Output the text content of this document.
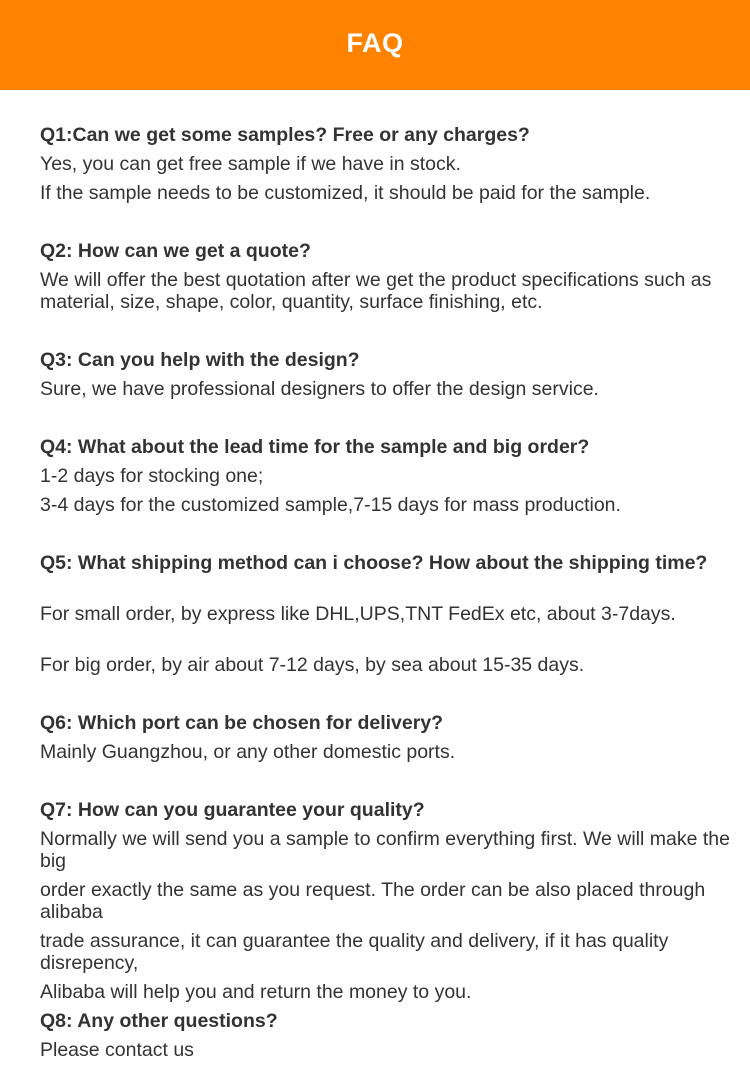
FAQ
Q1:Can we get some samples? Free or any charges?
Yes, you can get free sample if we have in stock.
If the sample needs to be customized, it should be paid for the sample.
Q2: How can we get a quote?
We will offer the best quotation after we get the product specifications such as material, size, shape, color, quantity, surface finishing, etc.
Q3: Can you help with the design?
Sure, we have professional designers to offer the design service.
Q4: What about the lead time for the sample and big order?
1-2 days for stocking one;
3-4 days for the customized sample,7-15 days for mass production.
Q5: What shipping method can i choose? How about the shipping time?
For small order, by express like DHL,UPS,TNT FedEx etc, about 3-7days.
For big order, by air about 7-12 days, by sea about 15-35 days.
Q6: Which port can be chosen for delivery?
Mainly Guangzhou, or any other domestic ports.
Q7: How can you guarantee your quality?
Normally we will send you a sample to confirm everything first. We will make the big
order exactly the same as you request. The order can be also placed through alibaba
trade assurance, it can guarantee the quality and delivery, if it has quality disrepency,
Alibaba will help you and return the money to you.
Q8: Any other questions?
Please contact us
